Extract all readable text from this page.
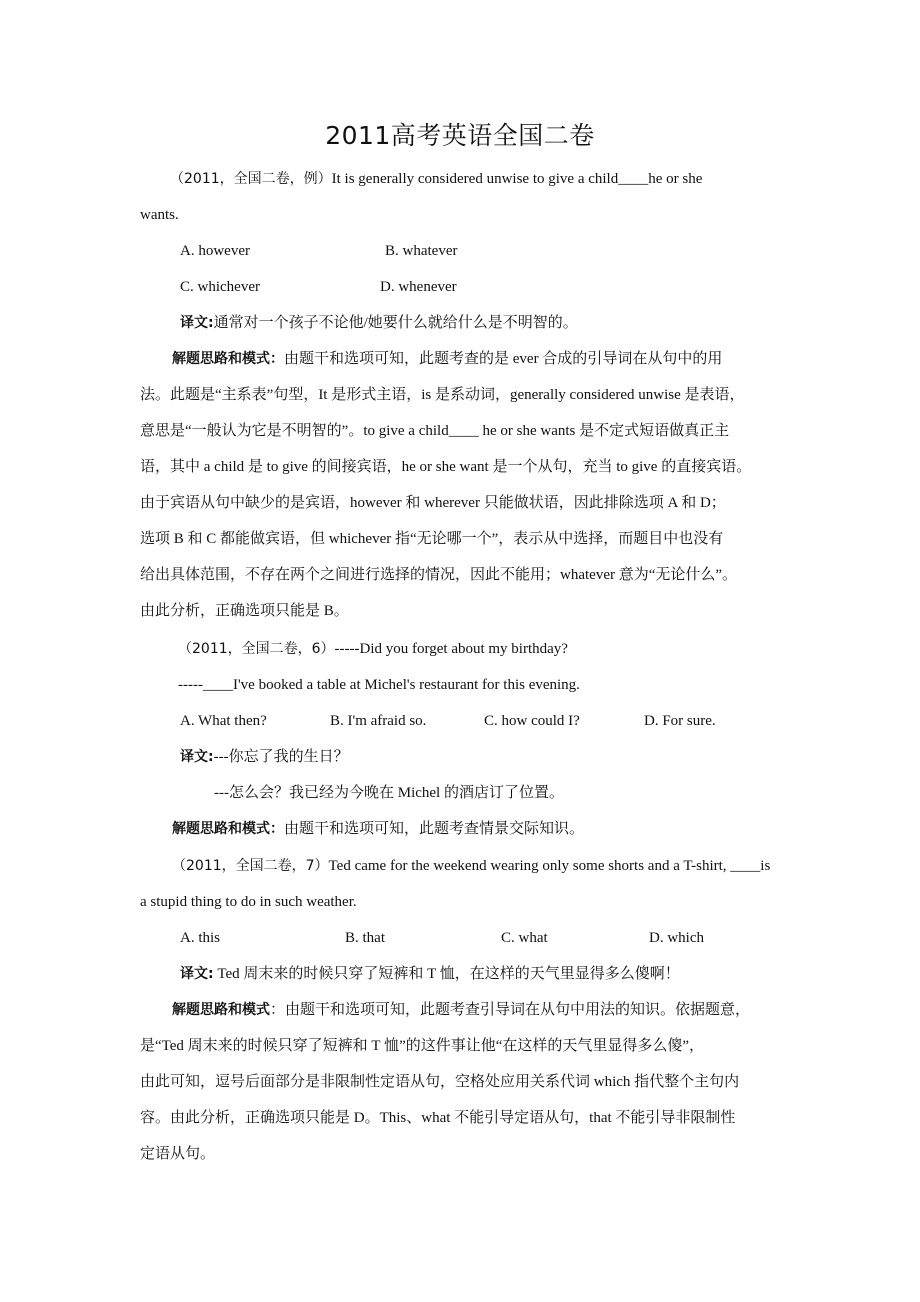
2011高考英语全国二卷
（2011，全国二卷，例）It is generally considered unwise to give a child____he or she
wants.
A. however	B. whatever
C. whichever	D. whenever
译文:通常对一个孩子不论他/她要什么就给什么是不明智的。
解题思路和模式：由题干和选项可知，此题考查的是 ever 合成的引导词在从句中的用
法。此题是“主系表”句型，It 是形式主语，is 是系动词，generally considered unwise 是表语，
意思是“一般认为它是不明智的”。to give a child____ he or she wants 是不定式短语做真正主
语，其中 a child 是 to give 的间接宾语，he or she want 是一个从句，充当 to give 的直接宾语。
由于宾语从句中缺少的是宾语，however 和 wherever 只能做状语，因此排除选项 A 和 D；
选项 B 和 C 都能做宾语，但 whichever 指“无论哪一个”，表示从中选择，而题目中也没有
给出具体范围，不存在两个之间进行选择的情况，因此不能用；whatever 意为“无论什么”。
由此分析，正确选项只能是 B。
（2011，全国二卷，6）-----Did you forget about my birthday?
-----____I've booked a table at Michel's restaurant for this evening.
A. What then?	B. I'm afraid so.	C. how could I?	D. For sure.
译文:---你忘了我的生日？
---怎么会？我已经为今晚在 Michel 的酒店订了位置。
解题思路和模式：由题干和选项可知，此题考查情景交际知识。
（2011，全国二卷，7）Ted came for the weekend wearing only some shorts and a T-shirt, ____is
a stupid thing to do in such weather.
A. this	B. that	C. what	D. which
译文: Ted 周末来的时候只穿了短裤和 T 恤，在这样的天气里显得多么傻啊！
解题思路和模式：由题干和选项可知，此题考查引导词在从句中用法的知识。依据题意，
是“Ted 周末来的时候只穿了短裤和 T 恤”的这件事让他“在这样的天气里显得多么傻”，
由此可知，逗号后面部分是非限制性定语从句，空格处应用关系代词 which 指代整个主句内
容。由此分析，正确选项只能是 D。This、what 不能引导定语从句，that 不能引导非限制性
定语从句。
